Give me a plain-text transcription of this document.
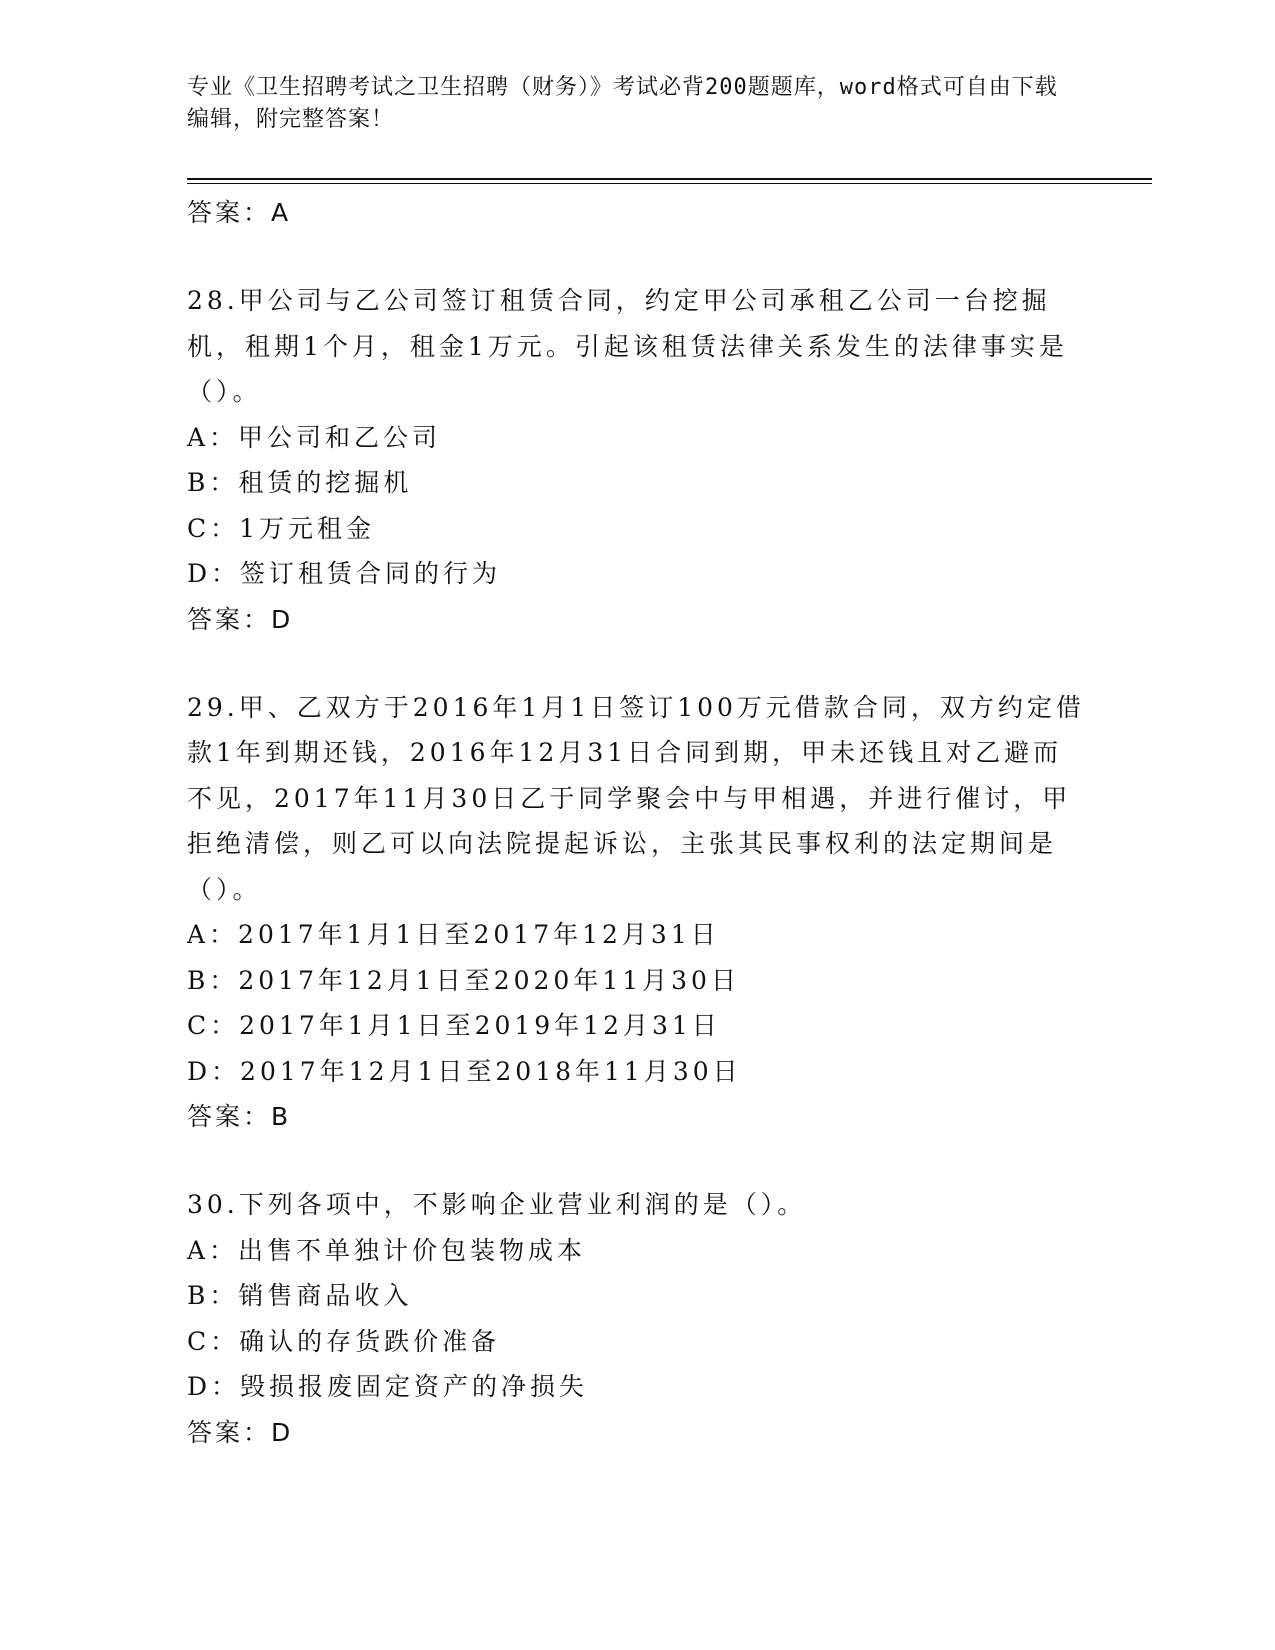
专业《卫生招聘考试之卫生招聘（财务）》考试必背200题题库，word格式可自由下载编辑，附完整答案！

答案：A

28.甲公司与乙公司签订租赁合同，约定甲公司承租乙公司一台挖掘机，租期1个月，租金1万元。引起该租赁法律关系发生的法律事实是（）。

A：甲公司和乙公司

B：租赁的挖掘机

C：1万元租金

D：签订租赁合同的行为

答案：D

29.甲、乙双方于2016年1月1日签订100万元借款合同，双方约定借款1年到期还钱，2016年12月31日合同到期，甲未还钱且对乙避而不见，2017年11月30日乙于同学聚会中与甲相遇，并进行催讨，甲拒绝清偿，则乙可以向法院提起诉讼，主张其民事权利的法定期间是（）。

A：2017年1月1日至2017年12月31日

B：2017年12月1日至2020年11月30日

C：2017年1月1日至2019年12月31日

D：2017年12月1日至2018年11月30日

答案：B

30.下列各项中，不影响企业营业利润的是（）。

A：出售不单独计价包装物成本

B：销售商品收入

C：确认的存货跌价准备

D：毁损报废固定资产的净损失

答案：D
